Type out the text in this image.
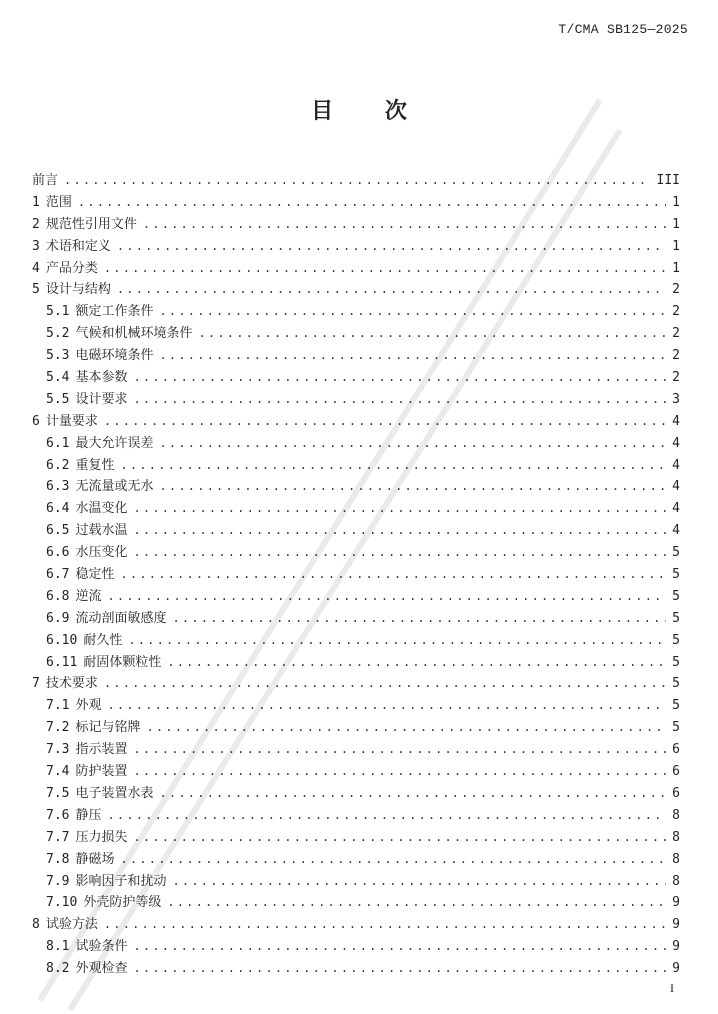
T/CMA SB125—2025
目 次
前言 .....	III
1 范围 .....	1
2 规范性引用文件 .....	1
3 术语和定义 .....	1
4 产品分类 .....	1
5 设计与结构 .....	2
5.1 额定工作条件 .....	2
5.2 气候和机械环境条件 .....	2
5.3 电磁环境条件 .....	2
5.4 基本参数 .....	2
5.5 设计要求 .....	3
6 计量要求 .....	4
6.1 最大允许误差 .....	4
6.2 重复性 .....	4
6.3 无流量或无水 .....	4
6.4 水温变化 .....	4
6.5 过载水温 .....	4
6.6 水压变化 .....	5
6.7 稳定性 .....	5
6.8 逆流 .....	5
6.9 流动剖面敏感度 .....	5
6.10 耐久性 .....	5
6.11 耐固体颗粒性 .....	5
7 技术要求 .....	5
7.1 外观 .....	5
7.2 标记与铭牌 .....	5
7.3 指示装置 .....	6
7.4 防护装置 .....	6
7.5 电子装置水表 .....	6
7.6 静压 .....	8
7.7 压力损失 .....	8
7.8 静磁场 .....	8
7.9 影响因子和扰动 .....	8
7.10 外壳防护等级 .....	9
8 试验方法 .....	9
8.1 试验条件 .....	9
8.2 外观检查 .....	9
I
